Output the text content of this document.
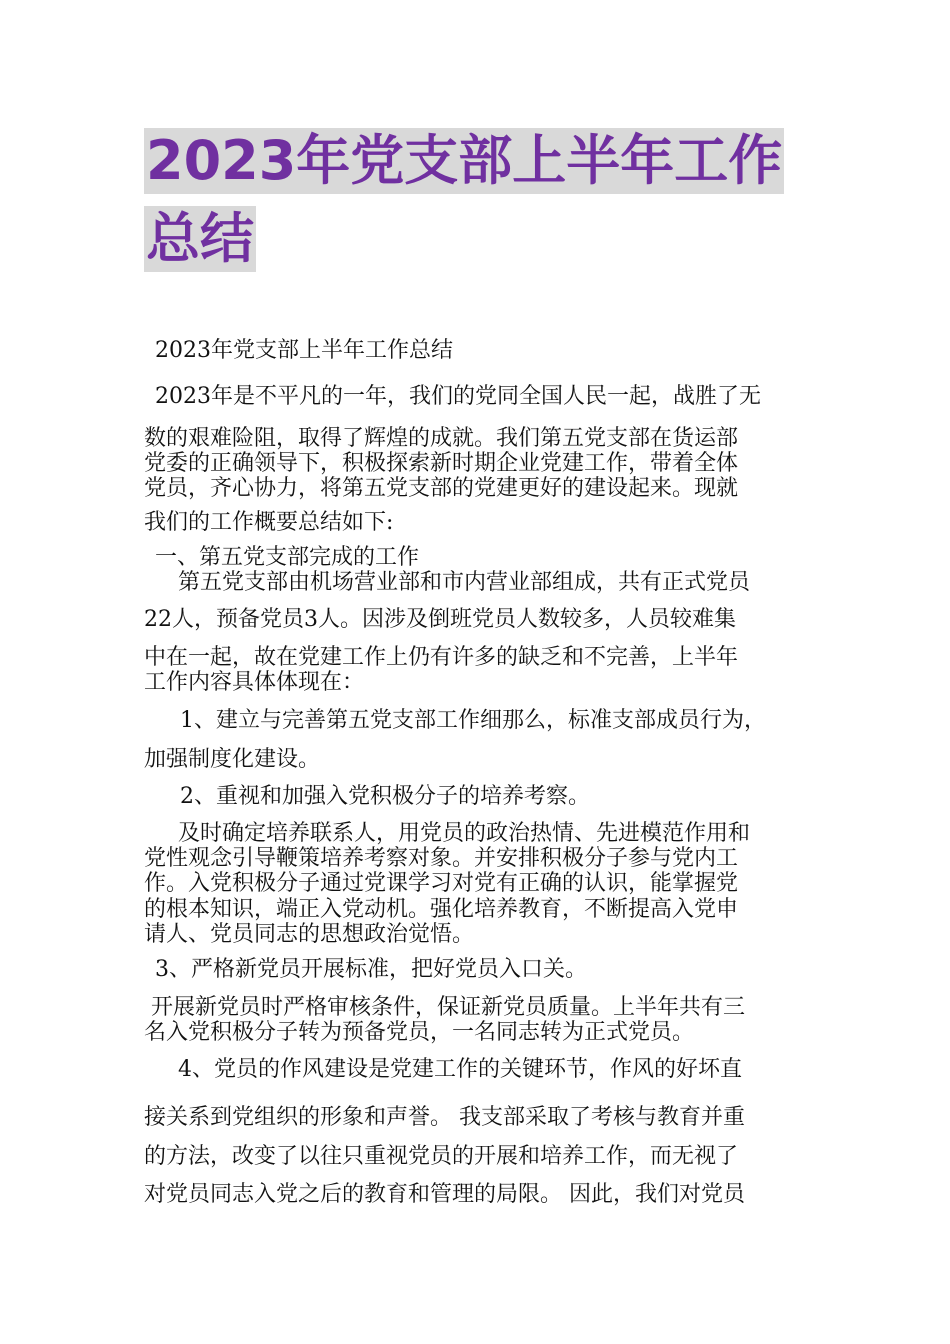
2023年党支部上半年工作
总结
2023年党支部上半年工作总结
2023年是不平凡的一年，我们的党同全国人民一起，战胜了无
数的艰难险阻，取得了辉煌的成就。我们第五党支部在货运部
党委的正确领导下，积极探索新时期企业党建工作，带着全体
党员，齐心协力，将第五党支部的党建更好的建设起来。现就
我们的工作概要总结如下:
一、第五党支部完成的工作
第五党支部由机场营业部和市内营业部组成，共有正式党员
22人，预备党员3人。因涉及倒班党员人数较多，人员较难集
中在一起，故在党建工作上仍有许多的缺乏和不完善，上半年
工作内容具体体现在：
1、建立与完善第五党支部工作细那么，标准支部成员行为，
加强制度化建设。
2、重视和加强入党积极分子的培养考察。
及时确定培养联系人，用党员的政治热情、先进模范作用和
党性观念引导鞭策培养考察对象。并安排积极分子参与党内工
作。入党积极分子通过党课学习对党有正确的认识，能掌握党
的根本知识，端正入党动机。强化培养教育，不断提高入党申
请人、党员同志的思想政治觉悟。
3、严格新党员开展标准，把好党员入口关。
开展新党员时严格审核条件，保证新党员质量。上半年共有三
名入党积极分子转为预备党员，一名同志转为正式党员。
4、党员的作风建设是党建工作的关键环节，作风的好坏直
接关系到党组织的形象和声誉。 我支部采取了考核与教育并重
的方法，改变了以往只重视党员的开展和培养工作，而无视了
对党员同志入党之后的教育和管理的局限。 因此，我们对党员
